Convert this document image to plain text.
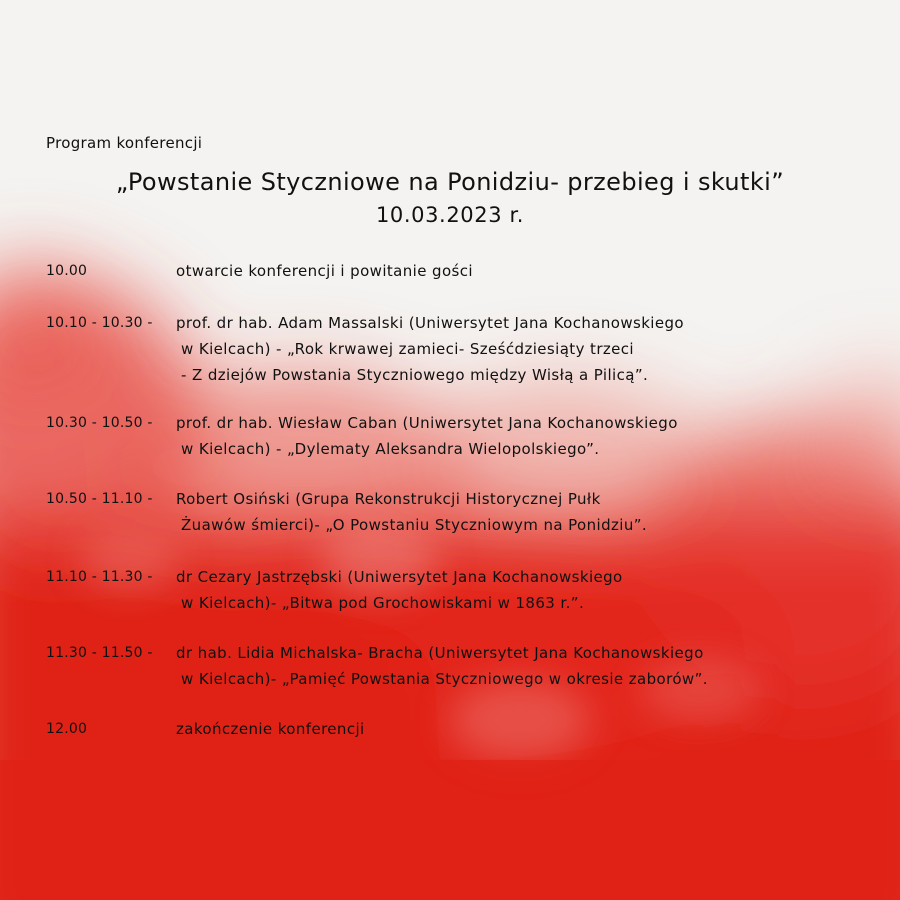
Program konferencji
„Powstanie Styczniowe na Ponidziu- przebieg i skutki”
10.03.2023 r.
10.00	otwarcie konferencji i powitanie gości
10.10 - 10.30 - prof. dr hab. Adam Massalski (Uniwersytet Jana Kochanowskiego
w Kielcach) - „Rok krwawej zamieci- Sześćdziesiąty trzeci
- Z dziejów Powstania Styczniowego między Wisłą a Pilicą”.
10.30 - 10.50 - prof. dr hab. Wiesław Caban (Uniwersytet Jana Kochanowskiego
w Kielcach) - „Dylematy Aleksandra Wielopolskiego”.
10.50 - 11.10 - Robert Osiński (Grupa Rekonstrukcji Historycznej Pułk
Żuawów śmierci)- „O Powstaniu Styczniowym na Ponidziu”.
11.10 - 11.30 - dr Cezary Jastrzębski (Uniwersytet Jana Kochanowskiego
w Kielcach)- „Bitwa pod Grochowiskami w 1863 r.”.
11.30 - 11.50 - dr hab. Lidia Michalska- Bracha (Uniwersytet Jana Kochanowskiego
w Kielcach)- „Pamięć Powstania Styczniowego w okresie zaborów”.
12.00	zakończenie konferencji
